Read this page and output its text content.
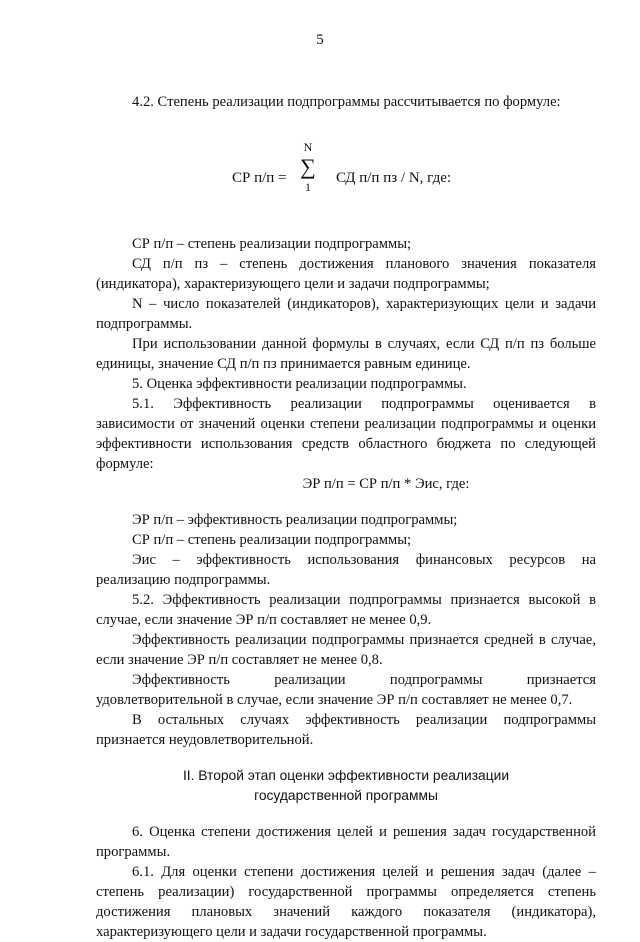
5

4.2. Степень реализации подпрограммы рассчитывается по формуле:

СР п/п =
N
∑
1
СД п/п пз / N, где:

СР п/п – степень реализации подпрограммы;

СД п/п пз – степень достижения планового значения показателя (индикатора), характеризующего цели и задачи подпрограммы;

N – число показателей (индикаторов), характеризующих цели и задачи подпрограммы.

При использовании данной формулы в случаях, если СД п/п пз больше единицы, значение СД п/п пз принимается равным единице.

5. Оценка эффективности реализации подпрограммы.

5.1. Эффективность реализации подпрограммы оценивается в зависимости от значений оценки степени реализации подпрограммы и оценки эффективности использования средств областного бюджета по следующей формуле:

ЭР п/п = СР п/п * Эис, где:

ЭР п/п – эффективность реализации подпрограммы;

СР п/п – степень реализации подпрограммы;

Эис – эффективность использования финансовых ресурсов на реализацию подпрограммы.

5.2. Эффективность реализации подпрограммы признается высокой в случае, если значение ЭР п/п составляет не менее 0,9.

Эффективность реализации подпрограммы признается средней в случае, если значение ЭР п/п составляет не менее 0,8.

Эффективность реализации подпрограммы признается удовлетворительной в случае, если значение ЭР п/п составляет не менее 0,7.

В остальных случаях эффективность реализации подпрограммы признается неудовлетворительной.

II. Второй этап оценки эффективности реализации

государственной программы

6. Оценка степени достижения целей и решения задач государственной программы.

6.1. Для оценки степени достижения целей и решения задач (далее – степень реализации) государственной программы определяется степень достижения плановых значений каждого показателя (индикатора), характеризующего цели и задачи государственной программы.
